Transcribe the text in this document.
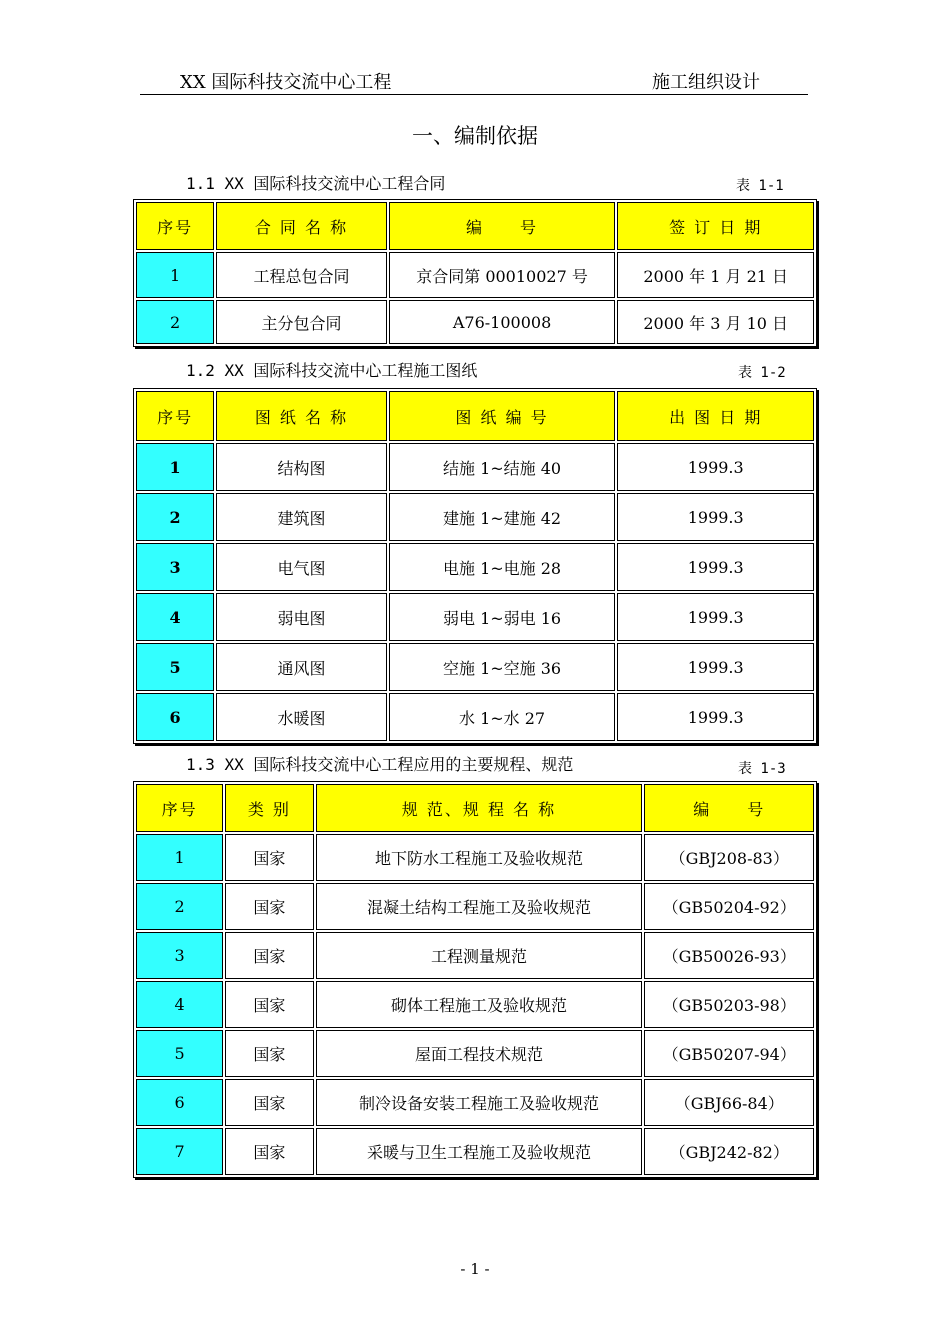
XX 国际科技交流中心工程	施工组织设计
一、编制依据
1.1 XX 国际科技交流中心工程合同	表 1-1
序号	合 同 名 称	编　　号	签 订 日 期
1	工程总包合同	京合同第 00010027 号	2000 年 1 月 21 日
2	主分包合同	A76-100008	2000 年 3 月 10 日
1.2 XX 国际科技交流中心工程施工图纸	表 1-2
序号	图 纸 名 称	图 纸 编 号	出 图 日 期
1	结构图	结施 1~结施 40	1999.3
2	建筑图	建施 1~建施 42	1999.3
3	电气图	电施 1~电施 28	1999.3
4	弱电图	弱电 1~弱电 16	1999.3
5	通风图	空施 1~空施 36	1999.3
6	水暖图	水 1~水 27	1999.3
1.3 XX 国际科技交流中心工程应用的主要规程、规范	表 1-3
序号	类 别	规 范、规 程 名 称	编　　号
1	国家	地下防水工程施工及验收规范	（GBJ208-83）
2	国家	混凝土结构工程施工及验收规范	（GB50204-92）
3	国家	工程测量规范	（GB50026-93）
4	国家	砌体工程施工及验收规范	（GB50203-98）
5	国家	屋面工程技术规范	（GB50207-94）
6	国家	制冷设备安装工程施工及验收规范	（GBJ66-84）
7	国家	采暖与卫生工程施工及验收规范	（GBJ242-82）
- 1 -
